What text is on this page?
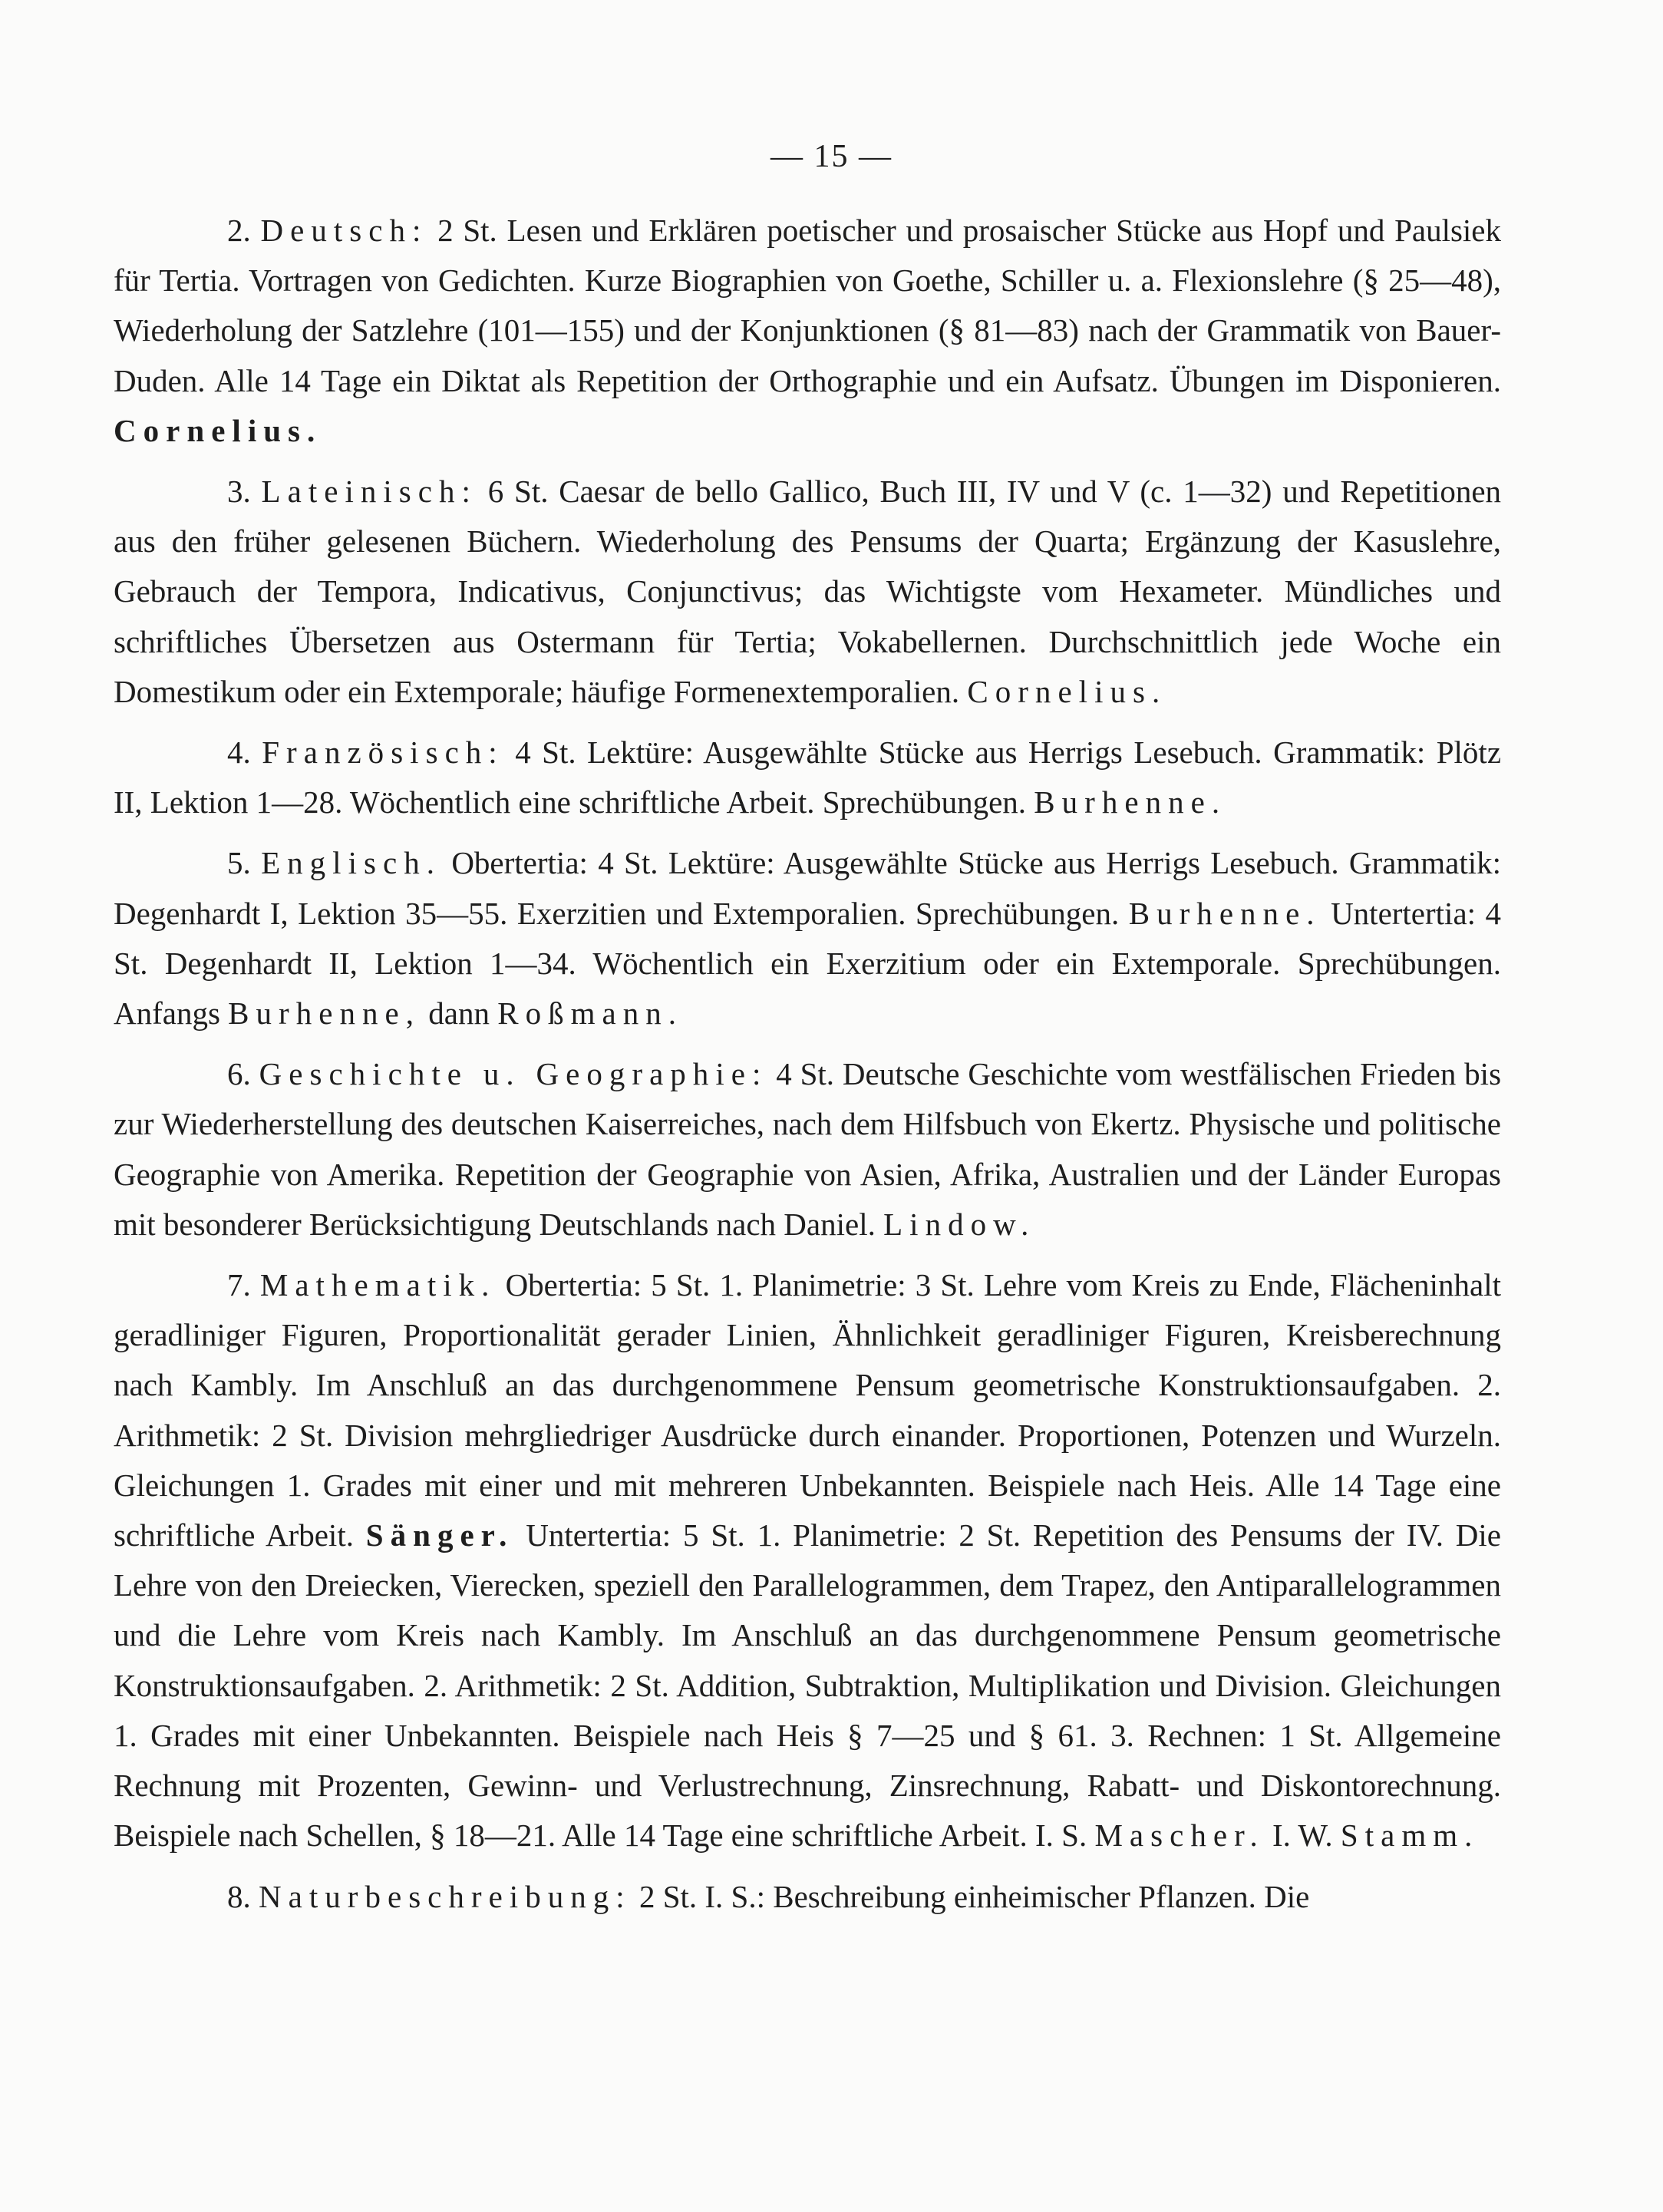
— 15 —

2. Deutsch: 2 St. Lesen und Erklären poetischer und prosaischer Stücke aus Hopf und Paulsiek für Tertia. Vortragen von Gedichten. Kurze Biographien von Goethe, Schiller u. a. Flexionslehre (§ 25—48), Wiederholung der Satzlehre (101—155) und der Konjunktionen (§ 81—83) nach der Grammatik von Bauer-Duden. Alle 14 Tage ein Diktat als Repetition der Orthographie und ein Aufsatz. Übungen im Disponieren. Cornelius.

3. Lateinisch: 6 St. Caesar de bello Gallico, Buch III, IV und V (c. 1—32) und Repetitionen aus den früher gelesenen Büchern. Wiederholung des Pensums der Quarta; Ergänzung der Kasuslehre, Gebrauch der Tempora, Indicativus, Conjunctivus; das Wichtigste vom Hexameter. Mündliches und schriftliches Übersetzen aus Ostermann für Tertia; Vokabellernen. Durchschnittlich jede Woche ein Domestikum oder ein Extemporale; häufige Formenextemporalien. Cornelius.

4. Französisch: 4 St. Lektüre: Ausgewählte Stücke aus Herrigs Lesebuch. Grammatik: Plötz II, Lektion 1—28. Wöchentlich eine schriftliche Arbeit. Sprechübungen. Burhenne.

5. Englisch. Obertertia: 4 St. Lektüre: Ausgewählte Stücke aus Herrigs Lesebuch. Grammatik: Degenhardt I, Lektion 35—55. Exerzitien und Extemporalien. Sprechübungen. Burhenne. Untertertia: 4 St. Degenhardt II, Lektion 1—34. Wöchentlich ein Exerzitium oder ein Extemporale. Sprechübungen. Anfangs Burhenne, dann Roßmann.

6. Geschichte u. Geographie: 4 St. Deutsche Geschichte vom westfälischen Frieden bis zur Wiederherstellung des deutschen Kaiserreiches, nach dem Hilfsbuch von Ekertz. Physische und politische Geographie von Amerika. Repetition der Geographie von Asien, Afrika, Australien und der Länder Europas mit besonderer Berücksichtigung Deutschlands nach Daniel. Lindow.

7. Mathematik. Obertertia: 5 St. 1. Planimetrie: 3 St. Lehre vom Kreis zu Ende, Flächeninhalt geradliniger Figuren, Proportionalität gerader Linien, Ähnlichkeit geradliniger Figuren, Kreisberechnung nach Kambly. Im Anschluß an das durchgenommene Pensum geometrische Konstruktionsaufgaben. 2. Arithmetik: 2 St. Division mehrgliedriger Ausdrücke durch einander. Proportionen, Potenzen und Wurzeln. Gleichungen 1. Grades mit einer und mit mehreren Unbekannten. Beispiele nach Heis. Alle 14 Tage eine schriftliche Arbeit. Sänger. Untertertia: 5 St. 1. Planimetrie: 2 St. Repetition des Pensums der IV. Die Lehre von den Dreiecken, Vierecken, speziell den Parallelogrammen, dem Trapez, den Antiparallelogrammen und die Lehre vom Kreis nach Kambly. Im Anschluß an das durchgenommene Pensum geometrische Konstruktionsaufgaben. 2. Arithmetik: 2 St. Addition, Subtraktion, Multiplikation und Division. Gleichungen 1. Grades mit einer Unbekannten. Beispiele nach Heis § 7—25 und § 61. 3. Rechnen: 1 St. Allgemeine Rechnung mit Prozenten, Gewinn- und Verlustrechnung, Zinsrechnung, Rabatt- und Diskontorechnung. Beispiele nach Schellen, § 18—21. Alle 14 Tage eine schriftliche Arbeit. I. S. Mascher. I. W. Stamm.

8. Naturbeschreibung: 2 St. I. S.: Beschreibung einheimischer Pflanzen. Die
